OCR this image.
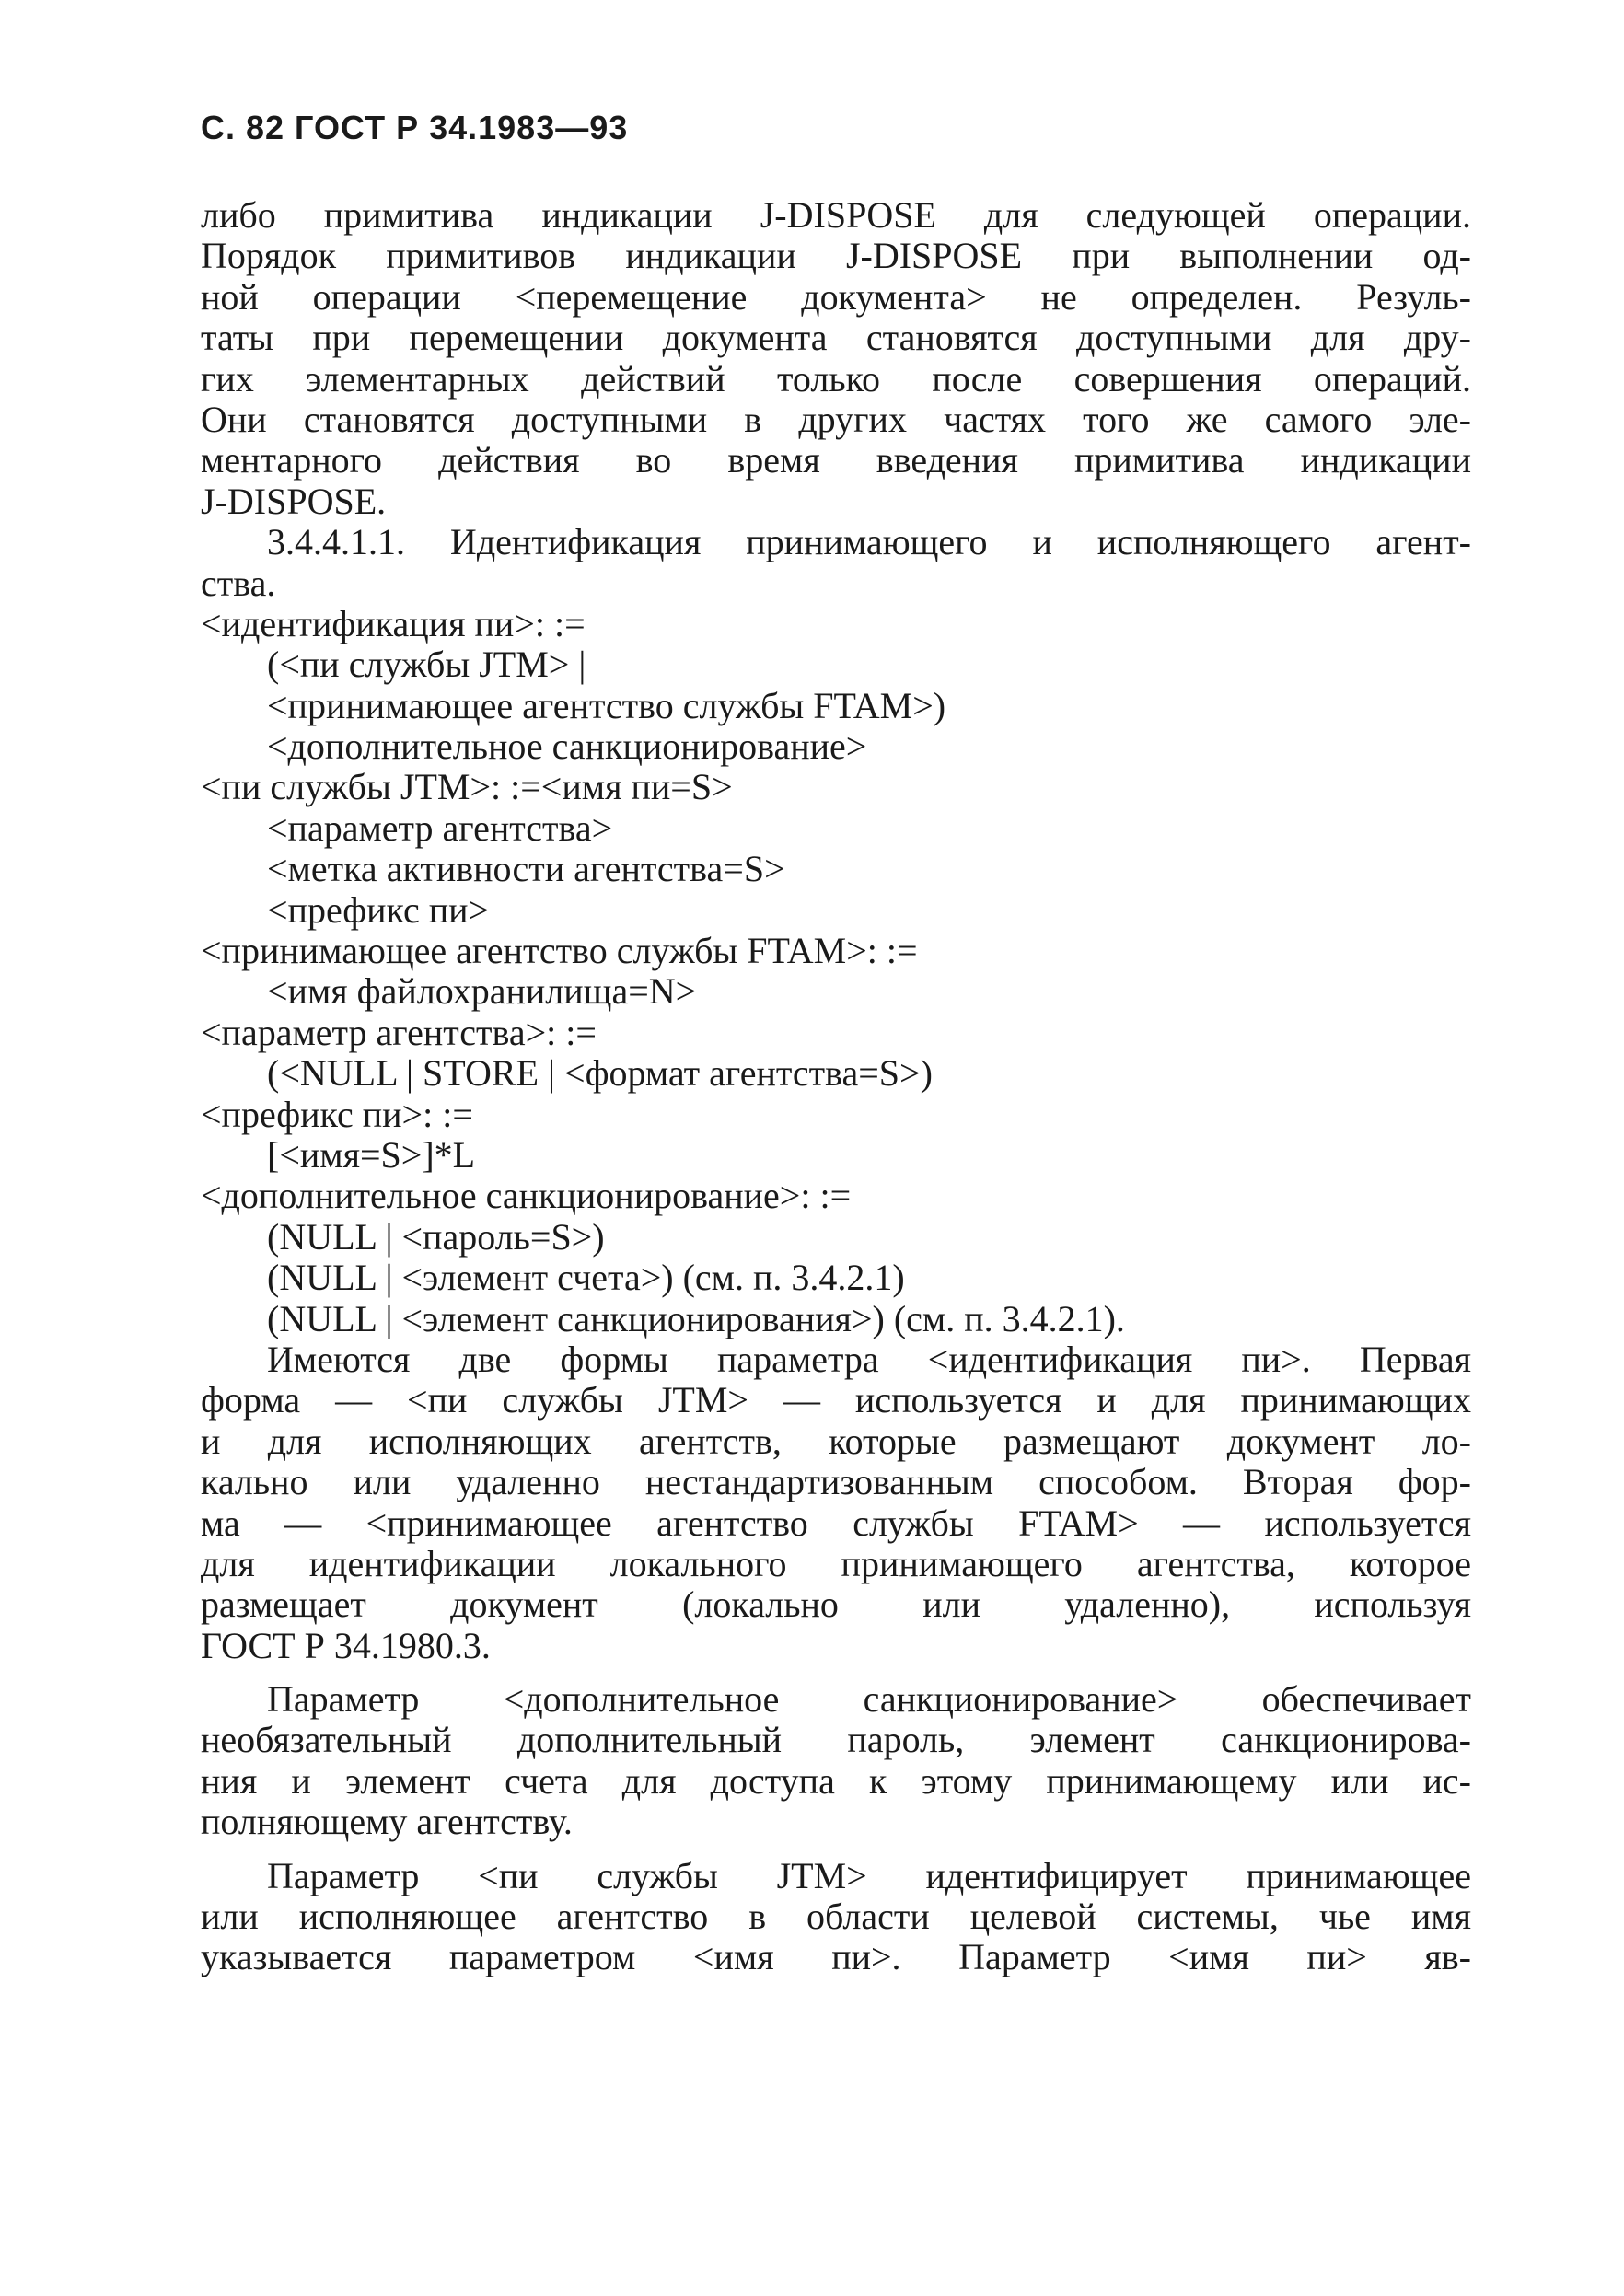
С. 82 ГОСТ Р 34.1983—93
либо примитива индикации J-DISPOSE для следующей операции.
Порядок примитивов индикации J-DISPOSE при выполнении од-
ной операции <перемещение документа> не определен. Резуль-
таты при перемещении документа становятся доступными для дру-
гих элементарных действий только после совершения операций.
Они становятся доступными в других частях того же самого эле-
ментарного действия во время введения примитива индикации
J-DISPOSE.
3.4.4.1.1. Идентификация принимающего и исполняющего агент-
ства.
<идентификация пи>: :=
(<пи службы JTM> |
<принимающее агентство службы FTAM>)
<дополнительное санкционирование>
<пи службы JTM>: :=<имя пи=S>
<параметр агентства>
<метка активности агентства=S>
<префикс пи>
<принимающее агентство службы FTAM>: :=
<имя файлохранилища=N>
<параметр агентства>: :=
(<NULL | STORE | <формат агентства=S>)
<префикс пи>: :=
[<имя=S>]*L
<дополнительное санкционирование>: :=
(NULL | <пароль=S>)
(NULL | <элемент счета>) (см. п. 3.4.2.1)
(NULL | <элемент санкционирования>) (см. п. 3.4.2.1).
Имеются две формы параметра <идентификация пи>. Первая
форма — <пи службы JTM> — используется и для принимающих
и для исполняющих агентств, которые размещают документ ло-
кально или удаленно нестандартизованным способом. Вторая фор-
ма — <принимающее агентство службы FTAM> — используется
для идентификации локального принимающего агентства, которое
размещает документ (локально или удаленно), используя
ГОСТ Р 34.1980.3.
Параметр <дополнительное санкционирование> обеспечивает
необязательный дополнительный пароль, элемент санкционирова-
ния и элемент счета для доступа к этому принимающему или ис-
полняющему агентству.
Параметр <пи службы JTM> идентифицирует принимающее
или исполняющее агентство в области целевой системы, чье имя
указывается параметром <имя пи>. Параметр <имя пи> яв-
